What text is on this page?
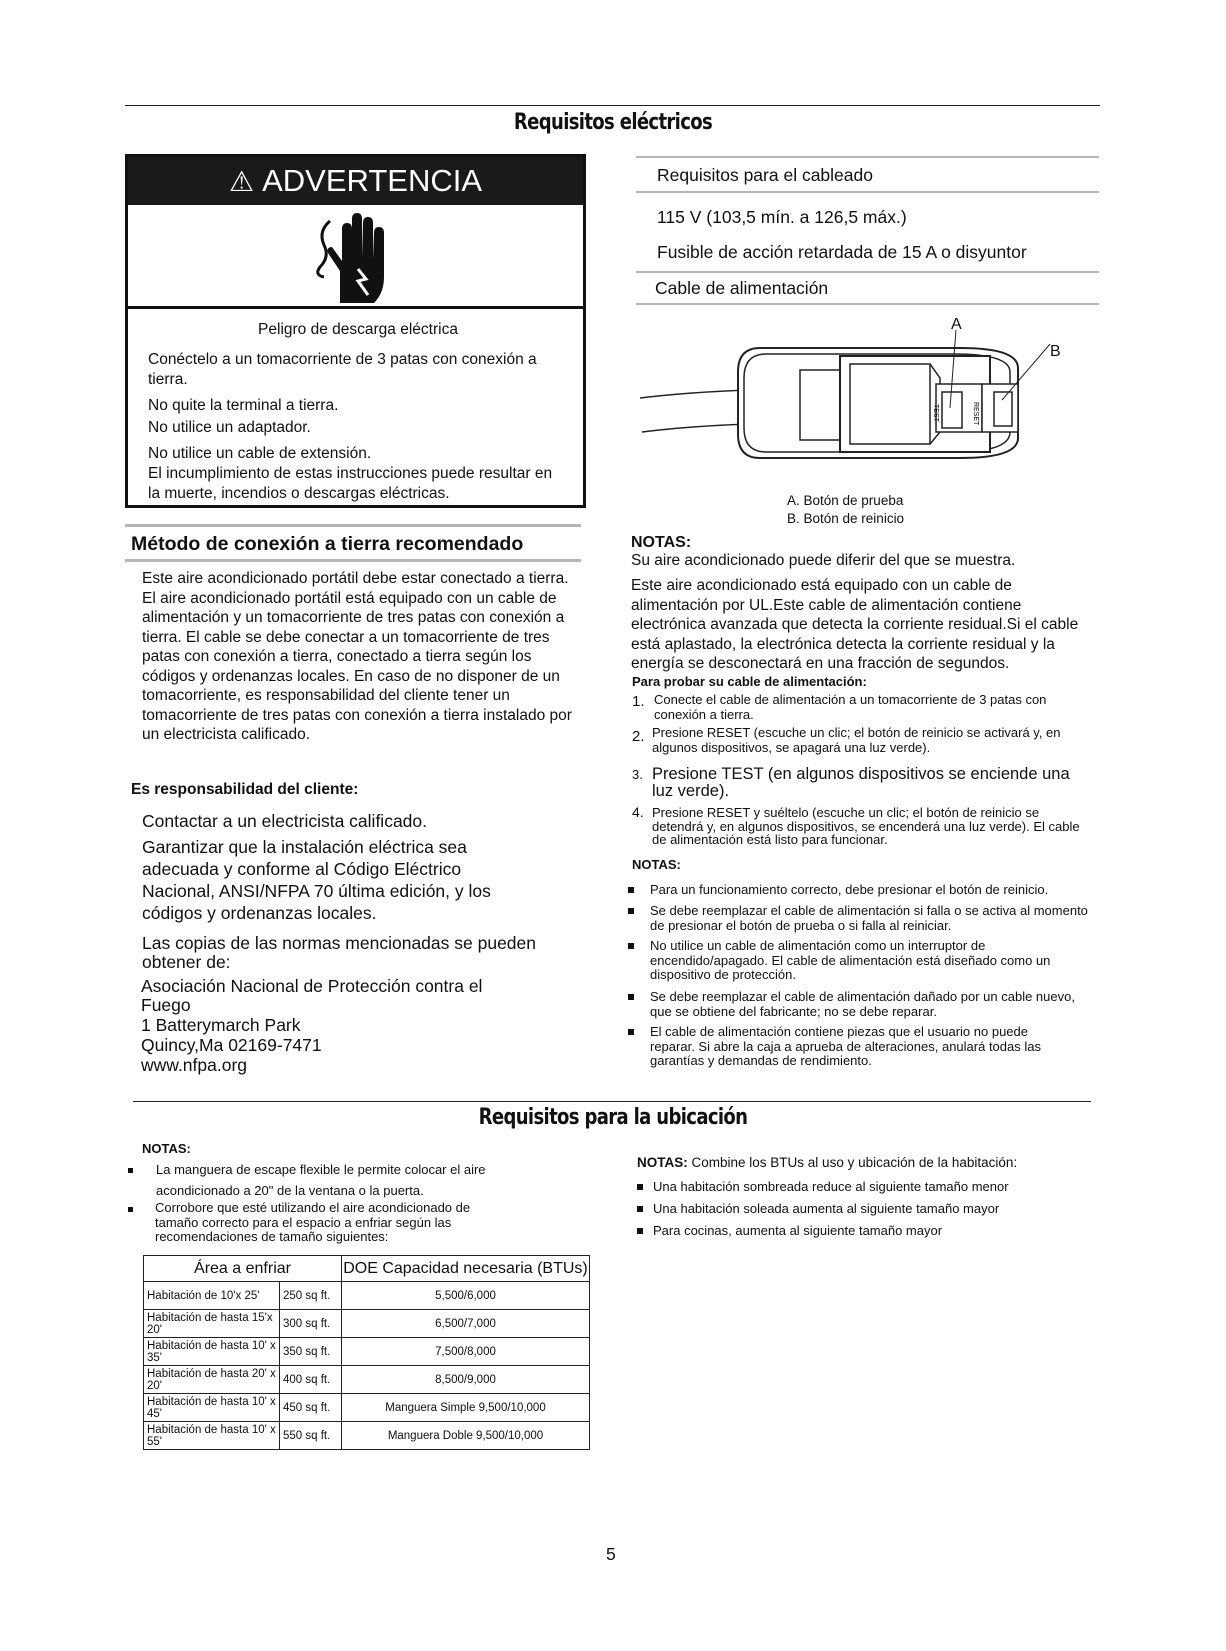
Requisitos eléctricos
⚠ ADVERTENCIA

Peligro de descarga eléctrica

Conéctelo a un tomacorriente de 3 patas con conexión a tierra.

No quite la terminal a tierra.

No utilice un adaptador.

No utilice un cable de extensión.

El incumplimiento de estas instrucciones puede resultar en la muerte, incendios o descargas eléctricas.

Método de conexión a tierra recomendado
Este aire acondicionado portátil debe estar conectado a tierra. El aire acondicionado portátil está equipado con un cable de alimentación y un tomacorriente de tres patas con conexión a tierra. El cable se debe conectar a un tomacorriente de tres patas con conexión a tierra, conectado a tierra según los códigos y ordenanzas locales. En caso de no disponer de un tomacorriente, es responsabilidad del cliente tener un tomacorriente de tres patas con conexión a tierra instalado por un electricista calificado.
Es responsabilidad del cliente:
Contactar a un electricista calificado.
Garantizar que la instalación eléctrica sea adecuada y conforme al Código Eléctrico Nacional, ANSI/NFPA 70 última edición, y los códigos y ordenanzas locales.
Las copias de las normas mencionadas se pueden obtener de:
Asociación Nacional de Protección contra el
Fuego
1 Batterymarch Park
Quincy,Ma 02169-7471
www.nfpa.org
Requisitos para el cableado
115 V (103,5 mín. a 126,5 máx.)
Fusible de acción retardada de 15 A o disyuntor
Cable de alimentación
TEST	RESET
A
B
A. Botón de prueba
B. Botón de reinicio
NOTAS:
Su aire acondicionado puede diferir del que se muestra.
Este aire acondicionado está equipado con un cable de alimentación por UL.Este cable de alimentación contiene electrónica avanzada que detecta la corriente residual.Si el cable está aplastado, la electrónica detecta la corriente residual y la energía se desconectará en una fracción de segundos.
Para probar su cable de alimentación:
1. Conecte el cable de alimentación a un tomacorriente de 3 patas con conexión a tierra.
2. Presione RESET (escuche un clic; el botón de reinicio se activará y, en algunos dispositivos, se apagará una luz verde).
3. Presione TEST (en algunos dispositivos se enciende una luz verde).
4. Presione RESET y suéltelo (escuche un clic; el botón de reinicio se detendrá y, en algunos dispositivos, se encenderá una luz verde). El cable de alimentación está listo para funcionar.
NOTAS:
Para un funcionamiento correcto, debe presionar el botón de reinicio.
Se debe reemplazar el cable de alimentación si falla o se activa al momento de presionar el botón de prueba o si falla al reiniciar.
No utilice un cable de alimentación como un interruptor de encendido/apagado. El cable de alimentación está diseñado como un dispositivo de protección.
Se debe reemplazar el cable de alimentación dañado por un cable nuevo, que se obtiene del fabricante; no se debe reparar.
El cable de alimentación contiene piezas que el usuario no puede reparar. Si abre la caja a aprueba de alteraciones, anulará todas las garantías y demandas de rendimiento.
Requisitos para la ubicación
NOTAS:
La manguera de escape flexible le permite colocar el aire acondicionado a 20" de la ventana o la puerta.
Corrobore que esté utilizando el aire acondicionado de tamaño correcto para el espacio a enfriar según las recomendaciones de tamaño siguientes:
Área a enfriar		DOE Capacidad necesaria (BTUs)
Habitación de 10'x 25'	250 sq ft.	5,500/6,000
Habitación de hasta 15'x 20'	300 sq ft.	6,500/7,000
Habitación de hasta 10' x 35'	350 sq ft.	7,500/8,000
Habitación de hasta 20' x 20'	400 sq ft.	8,500/9,000
Habitación de hasta 10' x 45'	450 sq ft.	Manguera Simple 9,500/10,000
Habitación de hasta 10' x 55'	550 sq ft.	Manguera Doble 9,500/10,000
NOTAS: Combine los BTUs al uso y ubicación de la habitación:
Una habitación sombreada reduce al siguiente tamaño menor
Una habitación soleada aumenta al siguiente tamaño mayor
Para cocinas, aumenta al siguiente tamaño mayor
5
